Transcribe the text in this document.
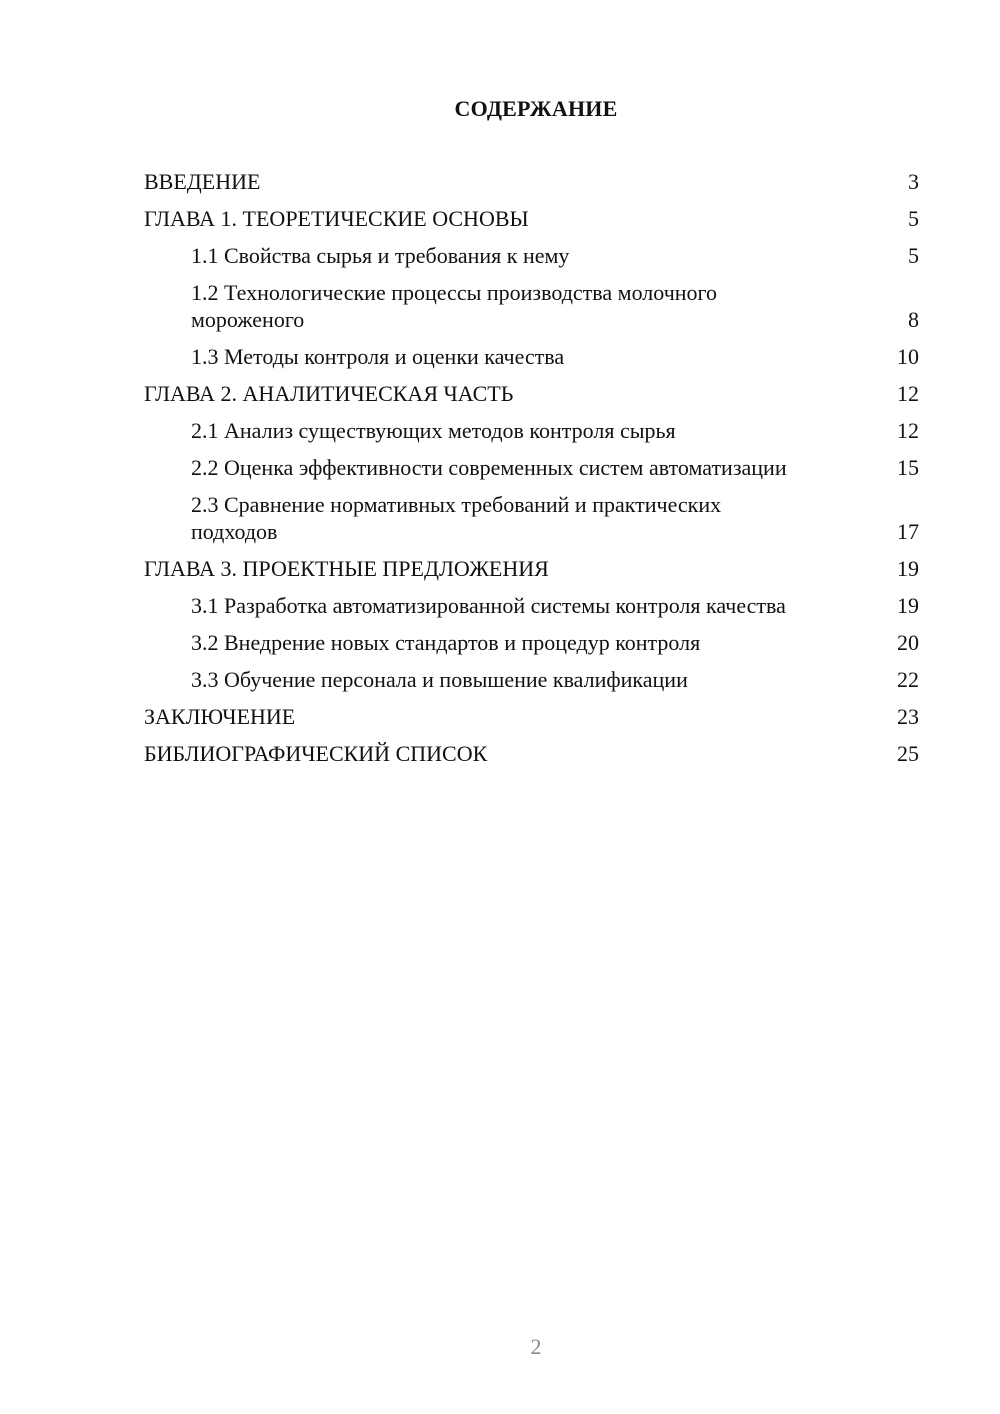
СОДЕРЖАНИЕ
ВВЕДЕНИЕ	3
ГЛАВА 1. ТЕОРЕТИЧЕСКИЕ ОСНОВЫ	5
1.1 Свойства сырья и требования к нему	5
1.2 Технологические процессы производства молочного мороженого	8
1.3 Методы контроля и оценки качества	10
ГЛАВА 2. АНАЛИТИЧЕСКАЯ ЧАСТЬ	12
2.1 Анализ существующих методов контроля сырья	12
2.2 Оценка эффективности современных систем автоматизации	15
2.3 Сравнение нормативных требований и практических подходов	17
ГЛАВА 3. ПРОЕКТНЫЕ ПРЕДЛОЖЕНИЯ	19
3.1 Разработка автоматизированной системы контроля качества	19
3.2 Внедрение новых стандартов и процедур контроля	20
3.3 Обучение персонала и повышение квалификации	22
ЗАКЛЮЧЕНИЕ	23
БИБЛИОГРАФИЧЕСКИЙ СПИСОК	25
2
